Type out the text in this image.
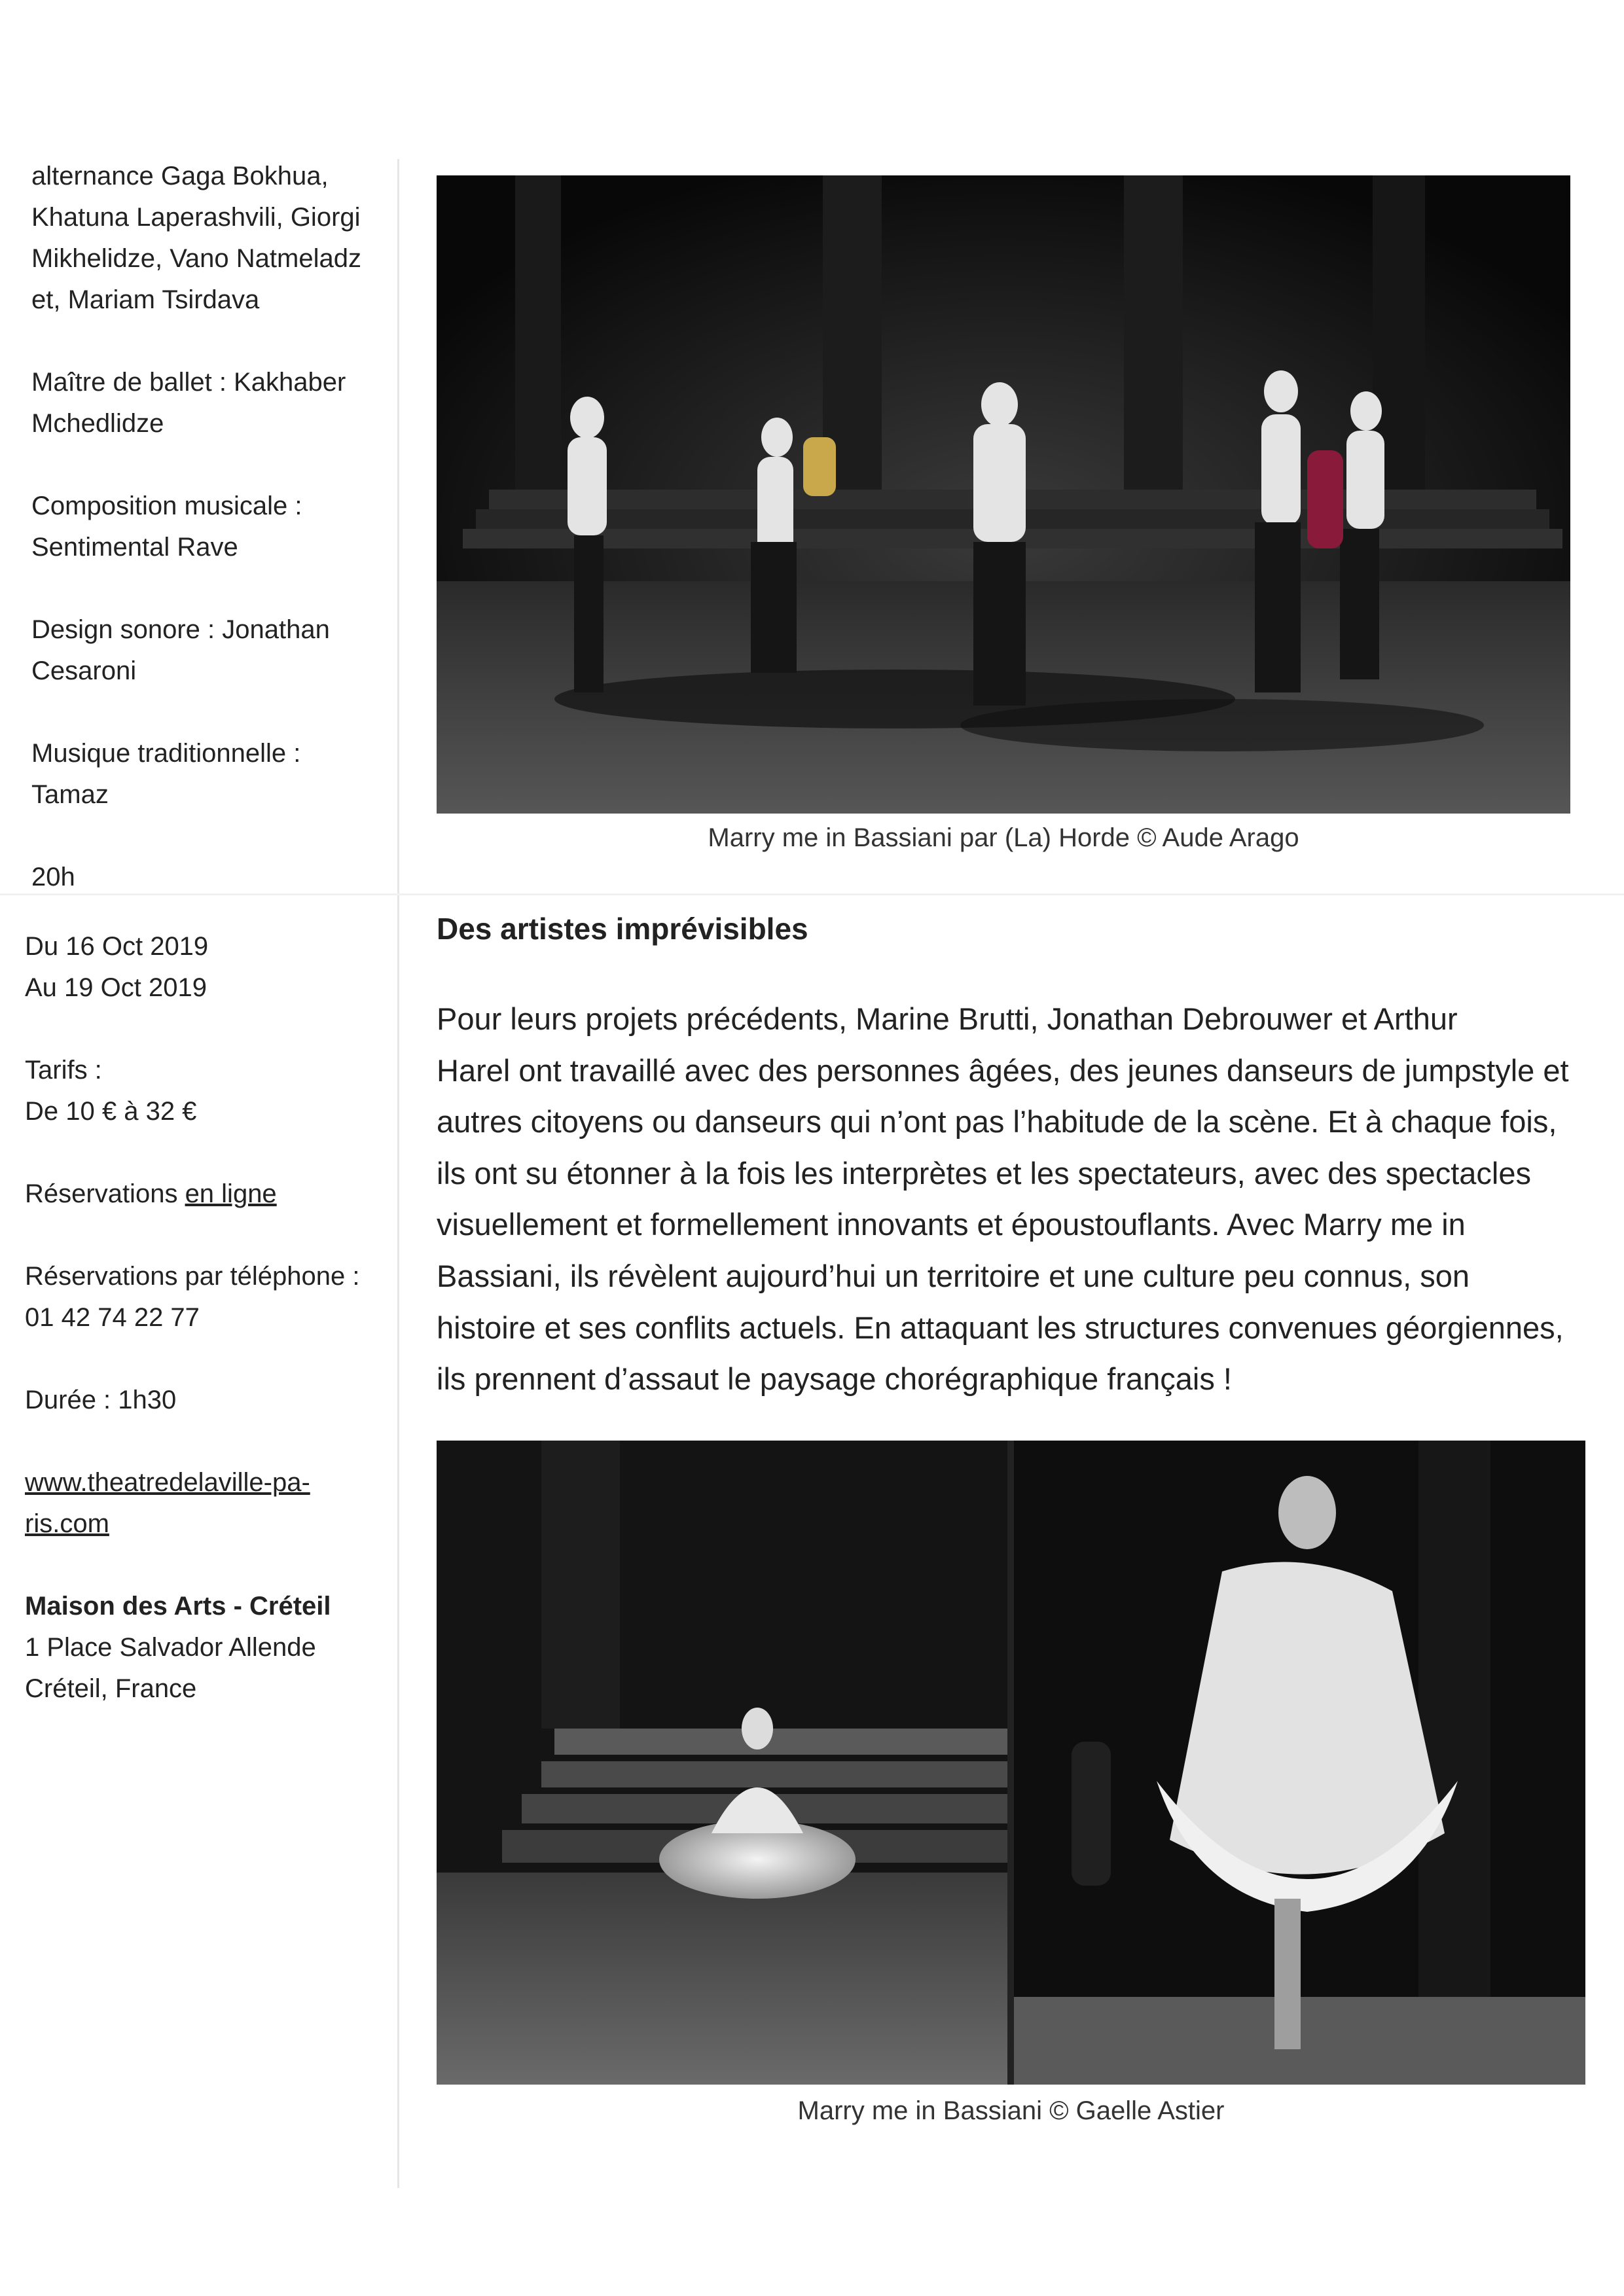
alternance Gaga Bokhua,
Khatuna Laperashvili, Giorgi
Mikhelidze, Vano Natmeladz
et, Mariam Tsirdava

Maître de ballet : Kakhaber
Mchedlidze

Composition musicale :
Sentimental Rave

Design sonore : Jonathan
Cesaroni

Musique traditionnelle :
Tamaz

20h

Du 16 Oct 2019
Au 19 Oct 2019

Tarifs :
De 10 € à 32 €

Réservations en ligne

Réservations par téléphone :
01 42 74 22 77

Durée : 1h30

www.theatredelaville-pa-
ris.com

Maison des Arts - Créteil
1 Place Salvador Allende
Créteil, France

Marry me in Bassiani par (La) Horde © Aude Arago
Des artistes imprévisibles

Pour leurs projets précédents, Marine Brutti, Jonathan Debrouwer et Arthur
Harel ont travaillé avec des personnes âgées, des jeunes danseurs de jumpstyle et
autres citoyens ou danseurs qui n’ont pas l’habitude de la scène. Et à chaque fois,
ils ont su étonner à la fois les interprètes et les spectateurs, avec des spectacles
visuellement et formellement innovants et époustouflants. Avec Marry me in
Bassiani, ils révèlent aujourd’hui un territoire et une culture peu connus, son
histoire et ses conflits actuels. En attaquant les structures convenues géorgiennes,
ils prennent d’assaut le paysage chorégraphique français !

Marry me in Bassiani © Gaelle Astier
